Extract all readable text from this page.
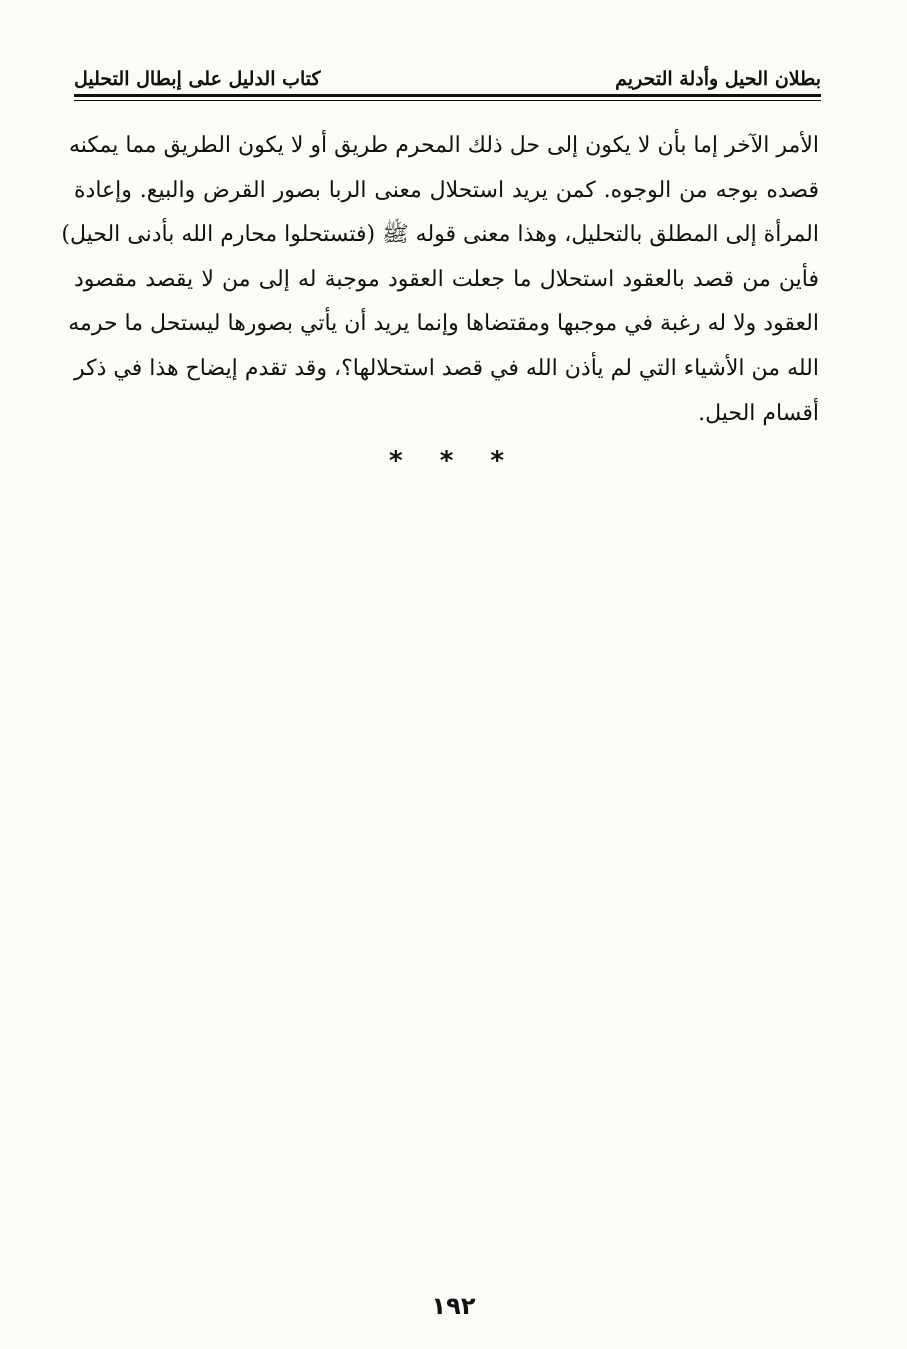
بطلان الحيل وأدلة التحريم
كتاب الدليل على إبطال التحليل

الأمر الآخر إما بأن لا يكون إلى حل ذلك المحرم طريق أو لا يكون الطريق مما يمكنه

قصده بوجه من الوجوه. كمن يريد استحلال معنى الربا بصور القرض والبيع. وإعادة

المرأة إلى المطلق بالتحليل، وهذا معنى قوله ﷺ (فتستحلوا محارم الله بأدنى الحيل)

فأين من قصد بالعقود استحلال ما جعلت العقود موجبة له إلى من لا يقصد مقصود

العقود ولا له رغبة في موجبها ومقتضاها وإنما يريد أن يأتي بصورها ليستحل ما حرمه

الله من الأشياء التي لم يأذن الله في قصد استحلالها؟، وقد تقدم إيضاح هذا في ذكر

أقسام الحيل.

* * *
١٩٢
